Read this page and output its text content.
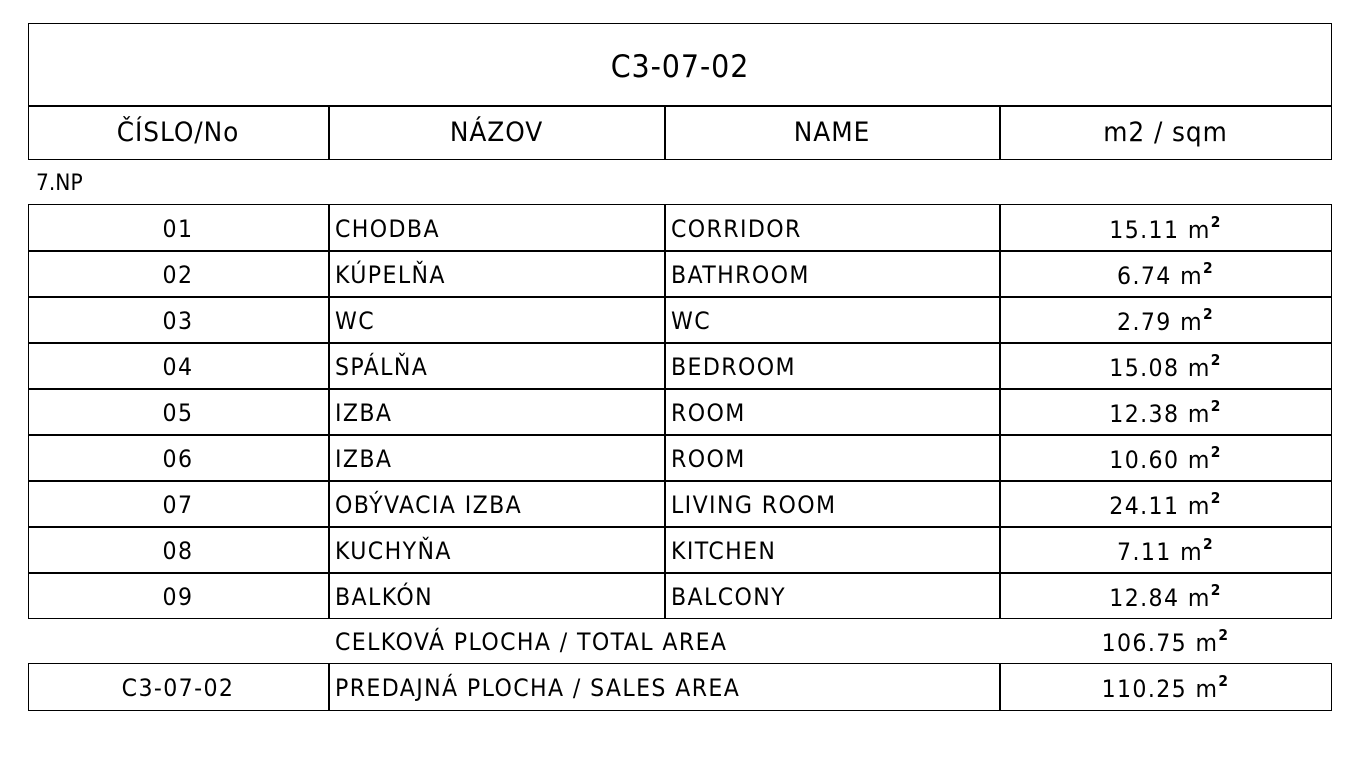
C3-07-02
ČÍSLO/No	NÁZOV	NAME	m2 / sqm
7.NP
01	CHODBA	CORRIDOR	15.11 $m^2$
02	KÚPELŇA	BATHROOM	6.74 $m^2$
03	WC	WC	2.79 $m^2$
04	SPÁLŇA	BEDROOM	15.08 $m^2$
05	IZBA	ROOM	12.38 $m^2$
06	IZBA	ROOM	10.60 $m^2$
07	OBÝVACIA IZBA	LIVING ROOM	24.11 $m^2$
08	KUCHYŇA	KITCHEN	7.11 $m^2$
09	BALKÓN	BALCONY	12.84 $m^2$
CELKOVÁ PLOCHA / TOTAL AREA	106.75 $m^2$
C3-07-02	PREDAJNÁ PLOCHA / SALES AREA	110.25 $m^2$
